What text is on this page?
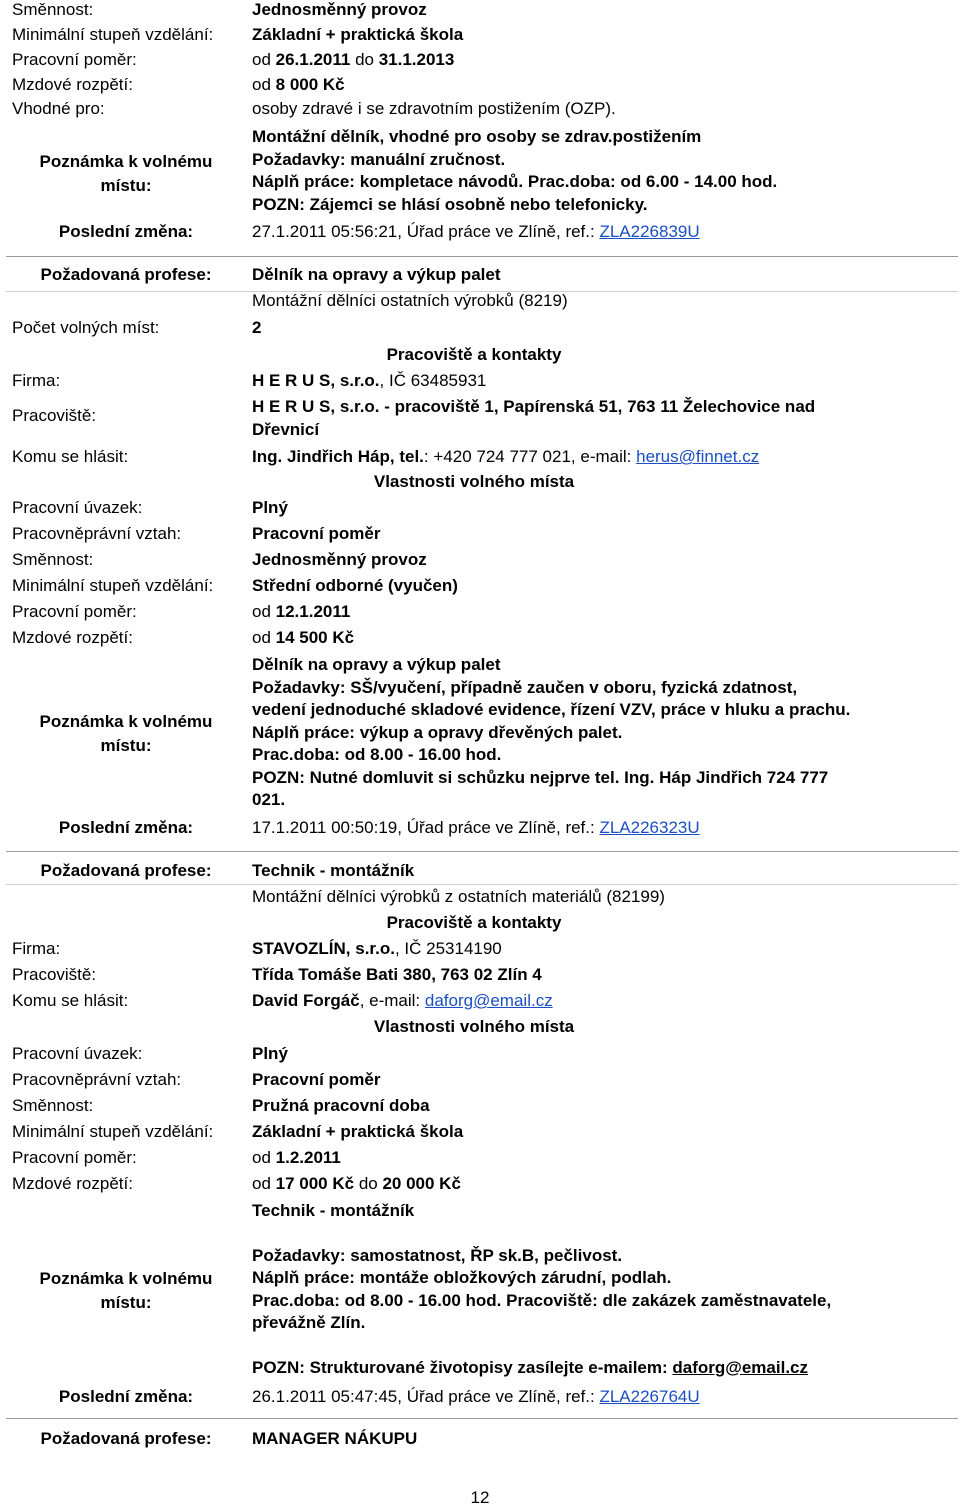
Směnnost:	Jednosměnný provoz
Minimální stupeň vzdělání: Základní + praktická škola
Pracovní poměr:	od 26.1.2011 do 31.1.2013
Mzdové rozpětí:	od 8 000 Kč
Vhodné pro:	osoby zdravé i se zdravotním postižením (OZP).
Poznámka k volnému
místu:
Montážní dělník, vhodné pro osoby se zdrav.postižením
Požadavky: manuální zručnost.
Náplň práce: kompletace návodů. Prac.doba: od 6.00 - 14.00 hod.
POZN: Zájemci se hlásí osobně nebo telefonicky.
Poslední změna:	27.1.2011 05:56:21, Úřad práce ve Zlíně, ref.: ZLA226839U
Požadovaná profese:	Dělník na opravy a výkup palet
Montážní dělníci ostatních výrobků (8219)
Počet volných míst:	2
Pracoviště a kontakty
Firma:	H E R U S, s.r.o., IČ 63485931
Pracoviště:	H E R U S, s.r.o. - pracoviště 1, Papírenská 51, 763 11 Želechovice nad
Dřevnicí
Komu se hlásit:	Ing. Jindřich Háp, tel.: +420 724 777 021, e-mail: herus@finnet.cz
Vlastnosti volného místa
Pracovní úvazek:	Plný
Pracovněprávní vztah:	Pracovní poměr
Směnnost:	Jednosměnný provoz
Minimální stupeň vzdělání: Střední odborné (vyučen)
Pracovní poměr:	od 12.1.2011
Mzdové rozpětí:	od 14 500 Kč
Poznámka k volnému
místu:
Dělník na opravy a výkup palet
Požadavky: SŠ/vyučení, případně zaučen v oboru, fyzická zdatnost,
vedení jednoduché skladové evidence, řízení VZV, práce v hluku a prachu.
Náplň práce: výkup a opravy dřevěných palet.
Prac.doba: od 8.00 - 16.00 hod.
POZN: Nutné domluvit si schůzku nejprve tel. Ing. Háp Jindřich 724 777
021.
Poslední změna:	17.1.2011 00:50:19, Úřad práce ve Zlíně, ref.: ZLA226323U
Požadovaná profese:	Technik - montážník
Montážní dělníci výrobků z ostatních materiálů (82199)
Pracoviště a kontakty
Firma:	STAVOZLÍN, s.r.o., IČ 25314190
Pracoviště:	Třída Tomáše Bati 380, 763 02 Zlín 4
Komu se hlásit:	David Forgáč, e-mail: daforg@email.cz
Vlastnosti volného místa
Pracovní úvazek:	Plný
Pracovněprávní vztah:	Pracovní poměr
Směnnost:	Pružná pracovní doba
Minimální stupeň vzdělání: Základní + praktická škola
Pracovní poměr:	od 1.2.2011
Mzdové rozpětí:	od 17 000 Kč do 20 000 Kč
Poznámka k volnému
místu:
Technik - montážník
Požadavky: samostatnost, ŘP sk.B, pečlivost.
Náplň práce: montáže obložkových zárudní, podlah.
Prac.doba: od 8.00 - 16.00 hod. Pracoviště: dle zakázek zaměstnavatele,
převážně Zlín.
POZN: Strukturované životopisy zasílejte e-mailem: daforg@email.cz
Poslední změna:	26.1.2011 05:47:45, Úřad práce ve Zlíně, ref.: ZLA226764U
Požadovaná profese:	MANAGER NÁKUPU
12
